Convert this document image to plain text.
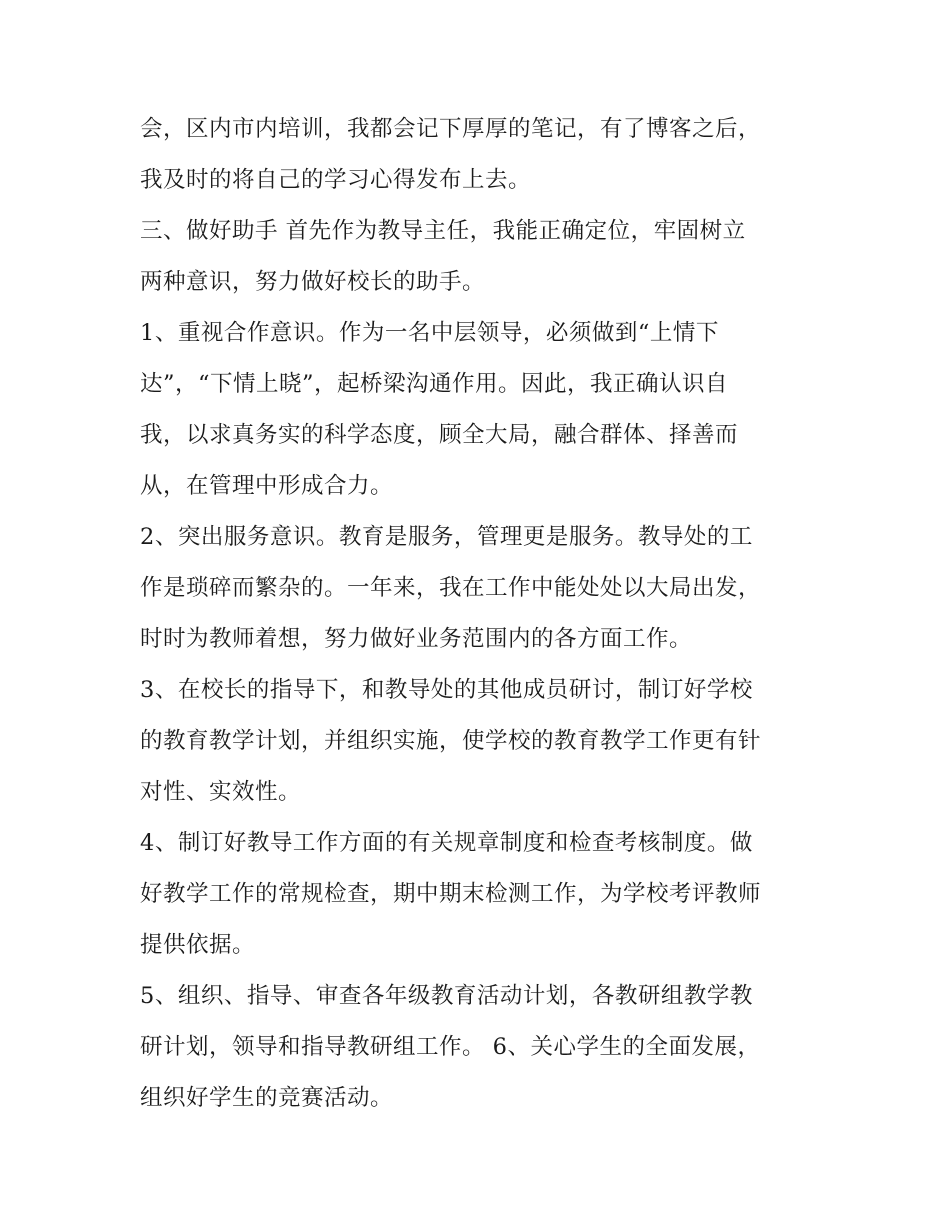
会，区内市内培训，我都会记下厚厚的笔记，有了博客之后，
我及时的将自己的学习心得发布上去。
三、做好助手 首先作为教导主任，我能正确定位，牢固树立
两种意识，努力做好校长的助手。
1、重视合作意识。作为一名中层领导，必须做到“上情下
达”，“下情上晓”，起桥梁沟通作用。因此，我正确认识自
我，以求真务实的科学态度，顾全大局，融合群体、择善而
从，在管理中形成合力。
2、突出服务意识。教育是服务，管理更是服务。教导处的工
作是琐碎而繁杂的。一年来，我在工作中能处处以大局出发，
时时为教师着想，努力做好业务范围内的各方面工作。
3、在校长的指导下，和教导处的其他成员研讨，制订好学校
的教育教学计划，并组织实施，使学校的教育教学工作更有针
对性、实效性。
4、制订好教导工作方面的有关规章制度和检查考核制度。做
好教学工作的常规检查，期中期末检测工作，为学校考评教师
提供依据。
5、组织、指导、审查各年级教育活动计划，各教研组教学教
研计划，领导和指导教研组工作。 6、关心学生的全面发展，
组织好学生的竞赛活动。
